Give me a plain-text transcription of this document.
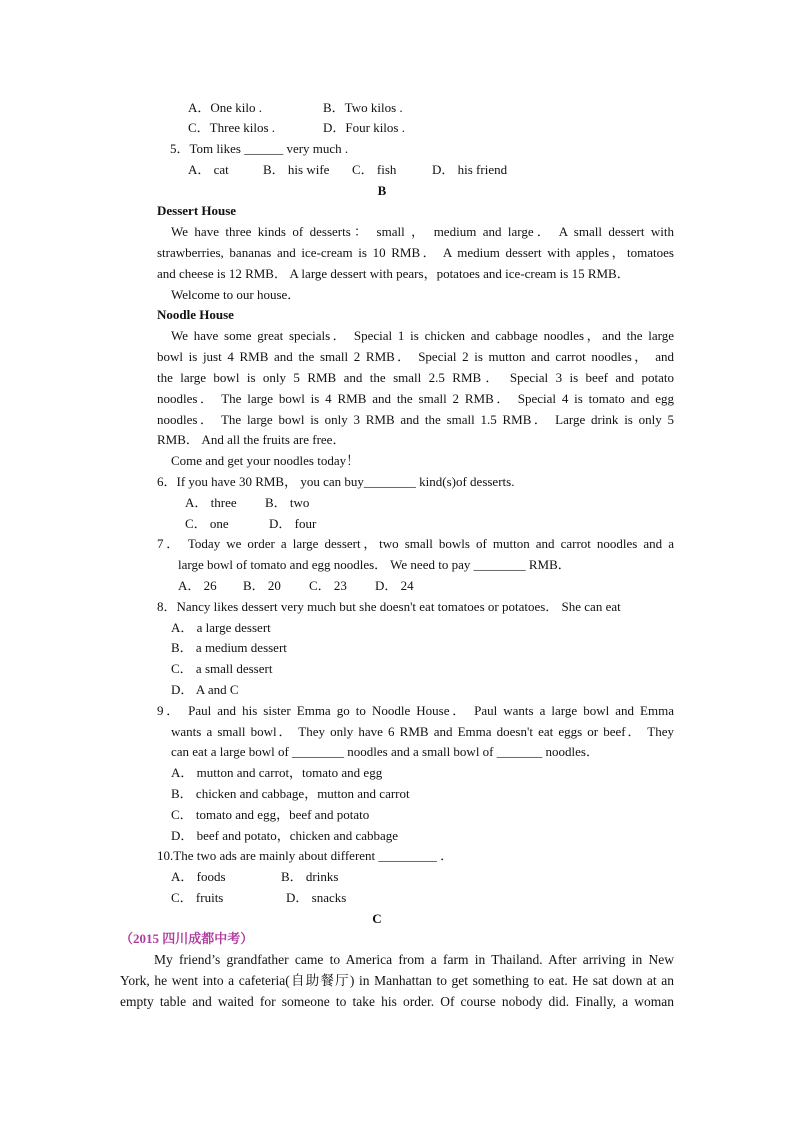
A．One kilo .	B．Two kilos .
C．Three kilos .	D．Four kilos .
5．Tom likes ______ very much .
A． cat	B． his wife C． fish	D． his friend
B
Dessert House
We have three kinds of desserts： small ， medium and large． A small dessert with
strawberries, bananas and ice-cream is 10 RMB． A medium dessert with apples，tomatoes
and cheese is 12 RMB． A large dessert with pears，potatoes and ice-cream is 15 RMB．
Welcome to our house．
Noodle House
We have some great specials． Special 1 is chicken and cabbage noodles，and the large
bowl is just 4 RMB and the small 2 RMB． Special 2 is mutton and carrot noodles， and
the large bowl is only 5 RMB and the small 2.5 RMB． Special 3 is beef and potato
noodles． The large bowl is 4 RMB and the small 2 RMB． Special 4 is tomato and egg
noodles． The large bowl is only 3 RMB and the small 1.5 RMB． Large drink is only 5
RMB． And all the fruits are free．
Come and get your noodles today！
6．If you have 30 RMB， you can buy________ kind(s)of desserts.
A． three B． two
C． one	D． four
7． Today we order a large dessert，two small bowls of mutton and carrot noodles and a
large bowl of tomato and egg noodles． We need to pay ________ RMB．
A． 26 B． 20 C． 23 D． 24
8．Nancy likes dessert very much but she doesn't eat tomatoes or potatoes． She can eat
A． a large dessert
B． a medium dessert
C． a small dessert
D． A and C
9． Paul and his sister Emma go to Noodle House． Paul wants a large bowl and Emma
wants a small bowl． They only have 6 RMB and Emma doesn't eat eggs or beef． They
can eat a large bowl of ________ noodles and a small bowl of _______ noodles．
A． mutton and carrot，tomato and egg
B． chicken and cabbage，mutton and carrot
C． tomato and egg，beef and potato
D． beef and potato，chicken and cabbage
10.The two ads are mainly about different _________ ．
A． foods	B． drinks
C． fruits	D． snacks
C
（2015 四川成都中考）
My friend’s grandfather came to America from a farm in Thailand. After arriving in New
York, he went into a cafeteria(自助餐厅) in Manhattan to get something to eat. He sat down at an
empty table and waited for someone to take his order. Of course nobody did. Finally, a woman
